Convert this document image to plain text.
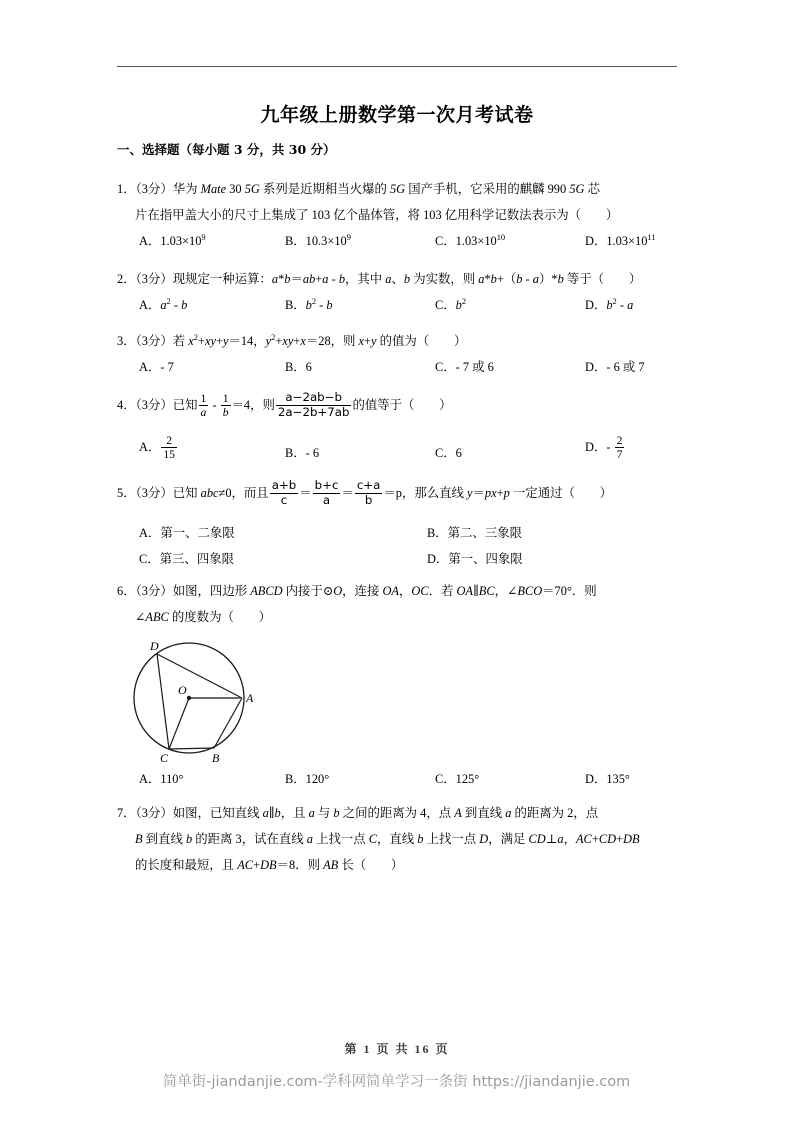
九年级上册数学第一次月考试卷
一、选择题（每小题 3 分，共 30 分）
1．（3分）华为 Mate 30 5G 系列是近期相当火爆的 5G 国产手机，它采用的麒麟 990 5G 芯
片在指甲盖大小的尺寸上集成了 103 亿个晶体管，将 103 亿用科学记数法表示为（　　）
A．$1.03\times 10^9$	B．$10.3\times 10^9$	C．$1.03\times 10^{10}$	D．$1.03\times 10^{11}$
2．（3分）现规定一种运算：a*b＝ab+a - b，其中 a、b 为实数，则 a*b+（b - a）*b 等于（　　）
A．$a^2$ - b	B．$b^2$ - b	C．$b^2$	D．$b^2$ - a
3．（3分）若 $x^2+xy+y=14$，$y^2+xy+x=28$，则 x+y 的值为（　　）
A．- 7	B．6	C．- 7 或 6	D．- 6 或 7
4．（3分）已知 $\frac{1}{a} - \frac{1}{b} =4$，则 $\frac{a-2ab-b}{2a-2b+7ab}$ 的值等于（　　）
A． $\frac{2}{15}$	B．- 6	C．6	D．- $\frac{2}{7}$
5．（3分）已知 abc≠0，而且 $\frac{a+b}{c} = \frac{b+c}{a} = \frac{c+a}{b} =p$，那么直线 y＝px+p 一定通过（　　）
A．第一、二象限	B．第二、三象限
C．第三、四象限	D．第一、四象限
6．（3分）如图，四边形 ABCD 内接于⊙O，连接 OA，OC．若 OA∥BC，∠BCO＝70°．则
∠ABC 的度数为（　　）
D
A
B
C
O
A．110°	B．120°	C．125°	D．135°
7．（3分）如图，已知直线 a∥b，且 a 与 b 之间的距离为 4，点 A 到直线 a 的距离为 2，点
B 到直线 b 的距离 3，试在直线 a 上找一点 C，直线 b 上找一点 D，满足 CD⊥a，AC+CD+DB
的长度和最短，且 AC+DB＝8．则 AB 长（　　）
第 1 页 共 16 页
简单街-jiandanjie.com-学科网简单学习一条街 https://jiandanjie.com
